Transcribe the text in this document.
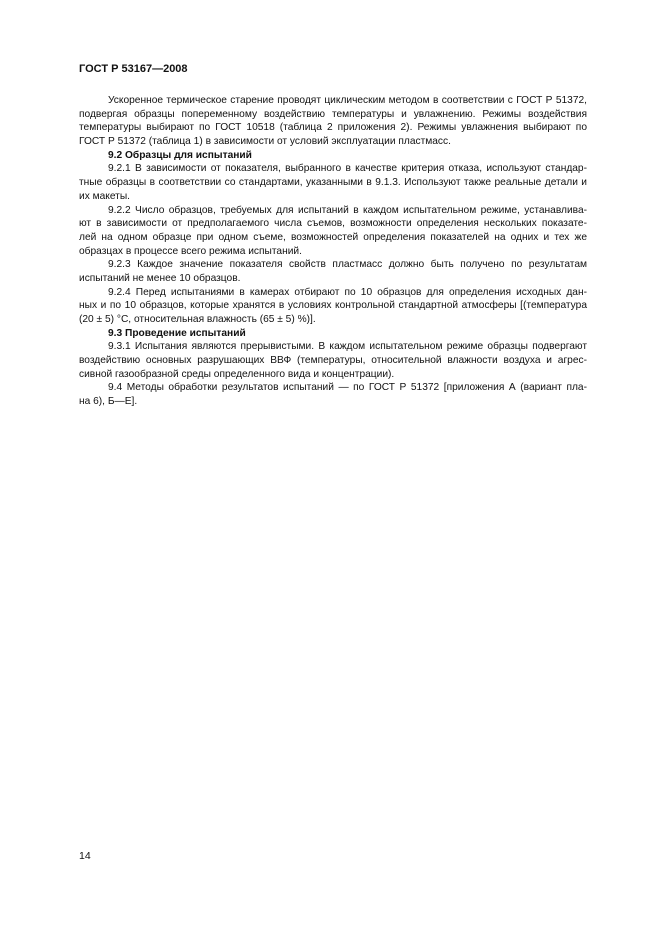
ГОСТ Р 53167—2008
Ускоренное термическое старение проводят циклическим методом в соответствии с ГОСТ Р 51372,
подвергая образцы попеременному воздействию температуры и увлажнению. Режимы воздействия
температуры выбирают по ГОСТ 10518 (таблица 2 приложения 2). Режимы увлажнения выбирают по
ГОСТ Р 51372 (таблица 1) в зависимости от условий эксплуатации пластмасс.
9.2 Образцы для испытаний
9.2.1 В зависимости от показателя, выбранного в качестве критерия отказа, используют стандар-
тные образцы в соответствии со стандартами, указанными в 9.1.3. Используют также реальные детали и
их макеты.
9.2.2 Число образцов, требуемых для испытаний в каждом испытательном режиме, устанавлива-
ют в зависимости от предполагаемого числа съемов, возможности определения нескольких показате-
лей на одном образце при одном съеме, возможностей определения показателей на одних и тех же
образцах в процессе всего режима испытаний.
9.2.3 Каждое значение показателя свойств пластмасс должно быть получено по результатам
испытаний не менее 10 образцов.
9.2.4 Перед испытаниями в камерах отбирают по 10 образцов для определения исходных дан-
ных и по 10 образцов, которые хранятся в условиях контрольной стандартной атмосферы [(температура
(20 ± 5) °С, относительная влажность (65 ± 5) %)].
9.3 Проведение испытаний
9.3.1 Испытания являются прерывистыми. В каждом испытательном режиме образцы подвергают
воздействию основных разрушающих ВВФ (температуры, относительной влажности воздуха и агрес-
сивной газообразной среды определенного вида и концентрации).
9.4 Методы обработки результатов испытаний — по ГОСТ Р 51372 [приложения А (вариант пла-
на 6), Б—Е].
14
